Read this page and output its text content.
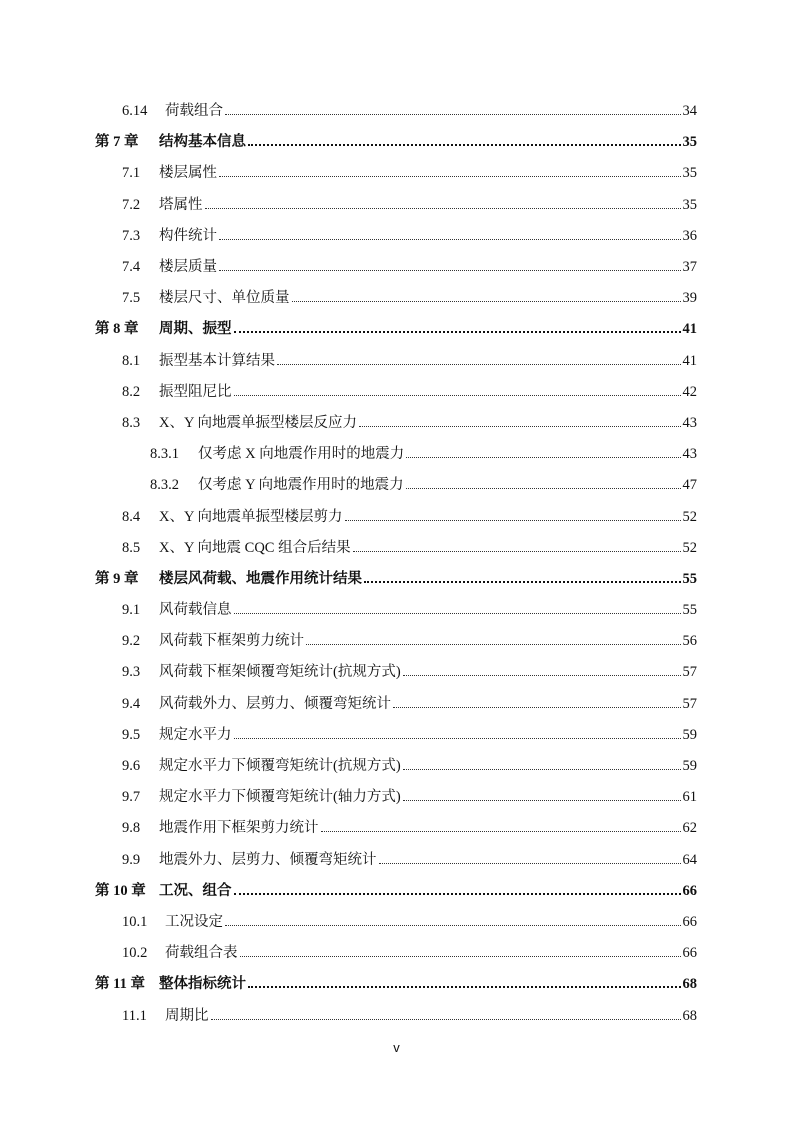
6.14	荷载组合	34
第 7 章	结构基本信息	35
7.1	楼层属性	35
7.2	塔属性	35
7.3	构件统计	36
7.4	楼层质量	37
7.5	楼层尺寸、单位质量	39
第 8 章	周期、振型	41
8.1	振型基本计算结果	41
8.2	振型阻尼比	42
8.3	X、Y 向地震单振型楼层反应力	43
8.3.1	仅考虑 X 向地震作用时的地震力	43
8.3.2	仅考虑 Y 向地震作用时的地震力	47
8.4	X、Y 向地震单振型楼层剪力	52
8.5	X、Y 向地震 CQC 组合后结果	52
第 9 章	楼层风荷载、地震作用统计结果	55
9.1	风荷载信息	55
9.2	风荷载下框架剪力统计	56
9.3	风荷载下框架倾覆弯矩统计(抗规方式)	57
9.4	风荷载外力、层剪力、倾覆弯矩统计	57
9.5	规定水平力	59
9.6	规定水平力下倾覆弯矩统计(抗规方式)	59
9.7	规定水平力下倾覆弯矩统计(轴力方式)	61
9.8	地震作用下框架剪力统计	62
9.9	地震外力、层剪力、倾覆弯矩统计	64
第 10 章 工况、组合	66
10.1	工况设定	66
10.2	荷载组合表	66
第 11 章 整体指标统计	68
11.1	周期比	68
v
